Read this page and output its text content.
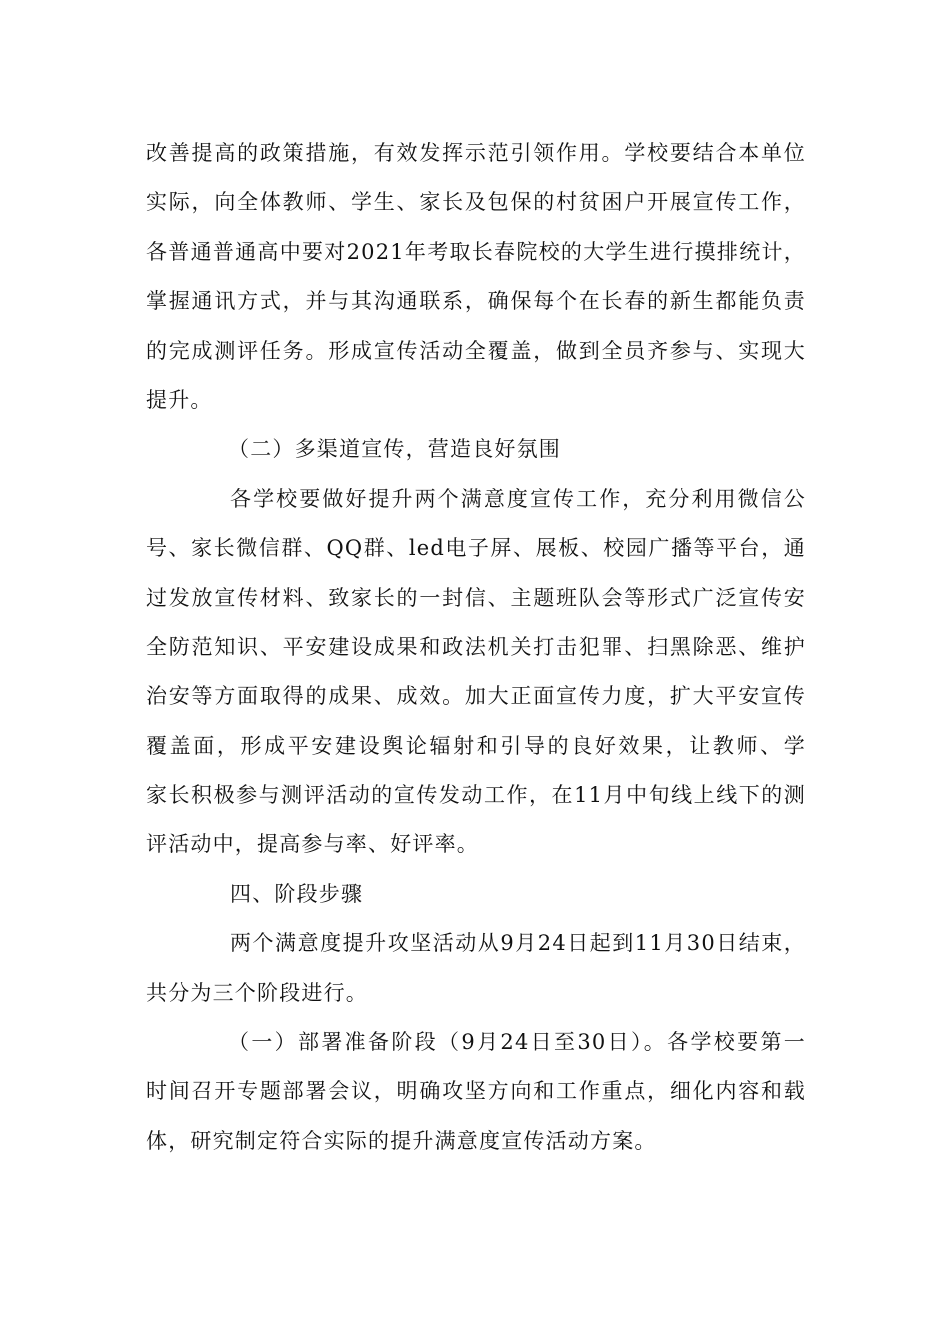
改善提高的政策措施，有效发挥示范引领作用。学校要结合本单位
实际，向全体教师、学生、家长及包保的村贫困户开展宣传工作，
各普通普通高中要对2021年考取长春院校的大学生进行摸排统计，
掌握通讯方式，并与其沟通联系，确保每个在长春的新生都能负责
的完成测评任务。形成宣传活动全覆盖，做到全员齐参与、实现大
提升。
（二）多渠道宣传，营造良好氛围
各学校要做好提升两个满意度宣传工作，充分利用微信公
号、家长微信群、QQ群、led电子屏、展板、校园广播等平台，通
过发放宣传材料、致家长的一封信、主题班队会等形式广泛宣传安
全防范知识、平安建设成果和政法机关打击犯罪、扫黑除恶、维护
治安等方面取得的成果、成效。加大正面宣传力度，扩大平安宣传
覆盖面，形成平安建设舆论辐射和引导的良好效果，让教师、学
家长积极参与测评活动的宣传发动工作，在11月中旬线上线下的测
评活动中，提高参与率、好评率。
四、阶段步骤
两个满意度提升攻坚活动从9月24日起到11月30日结束，
共分为三个阶段进行。
（一）部署准备阶段（9月24日至30日）。各学校要第一
时间召开专题部署会议，明确攻坚方向和工作重点，细化内容和载
体，研究制定符合实际的提升满意度宣传活动方案。
